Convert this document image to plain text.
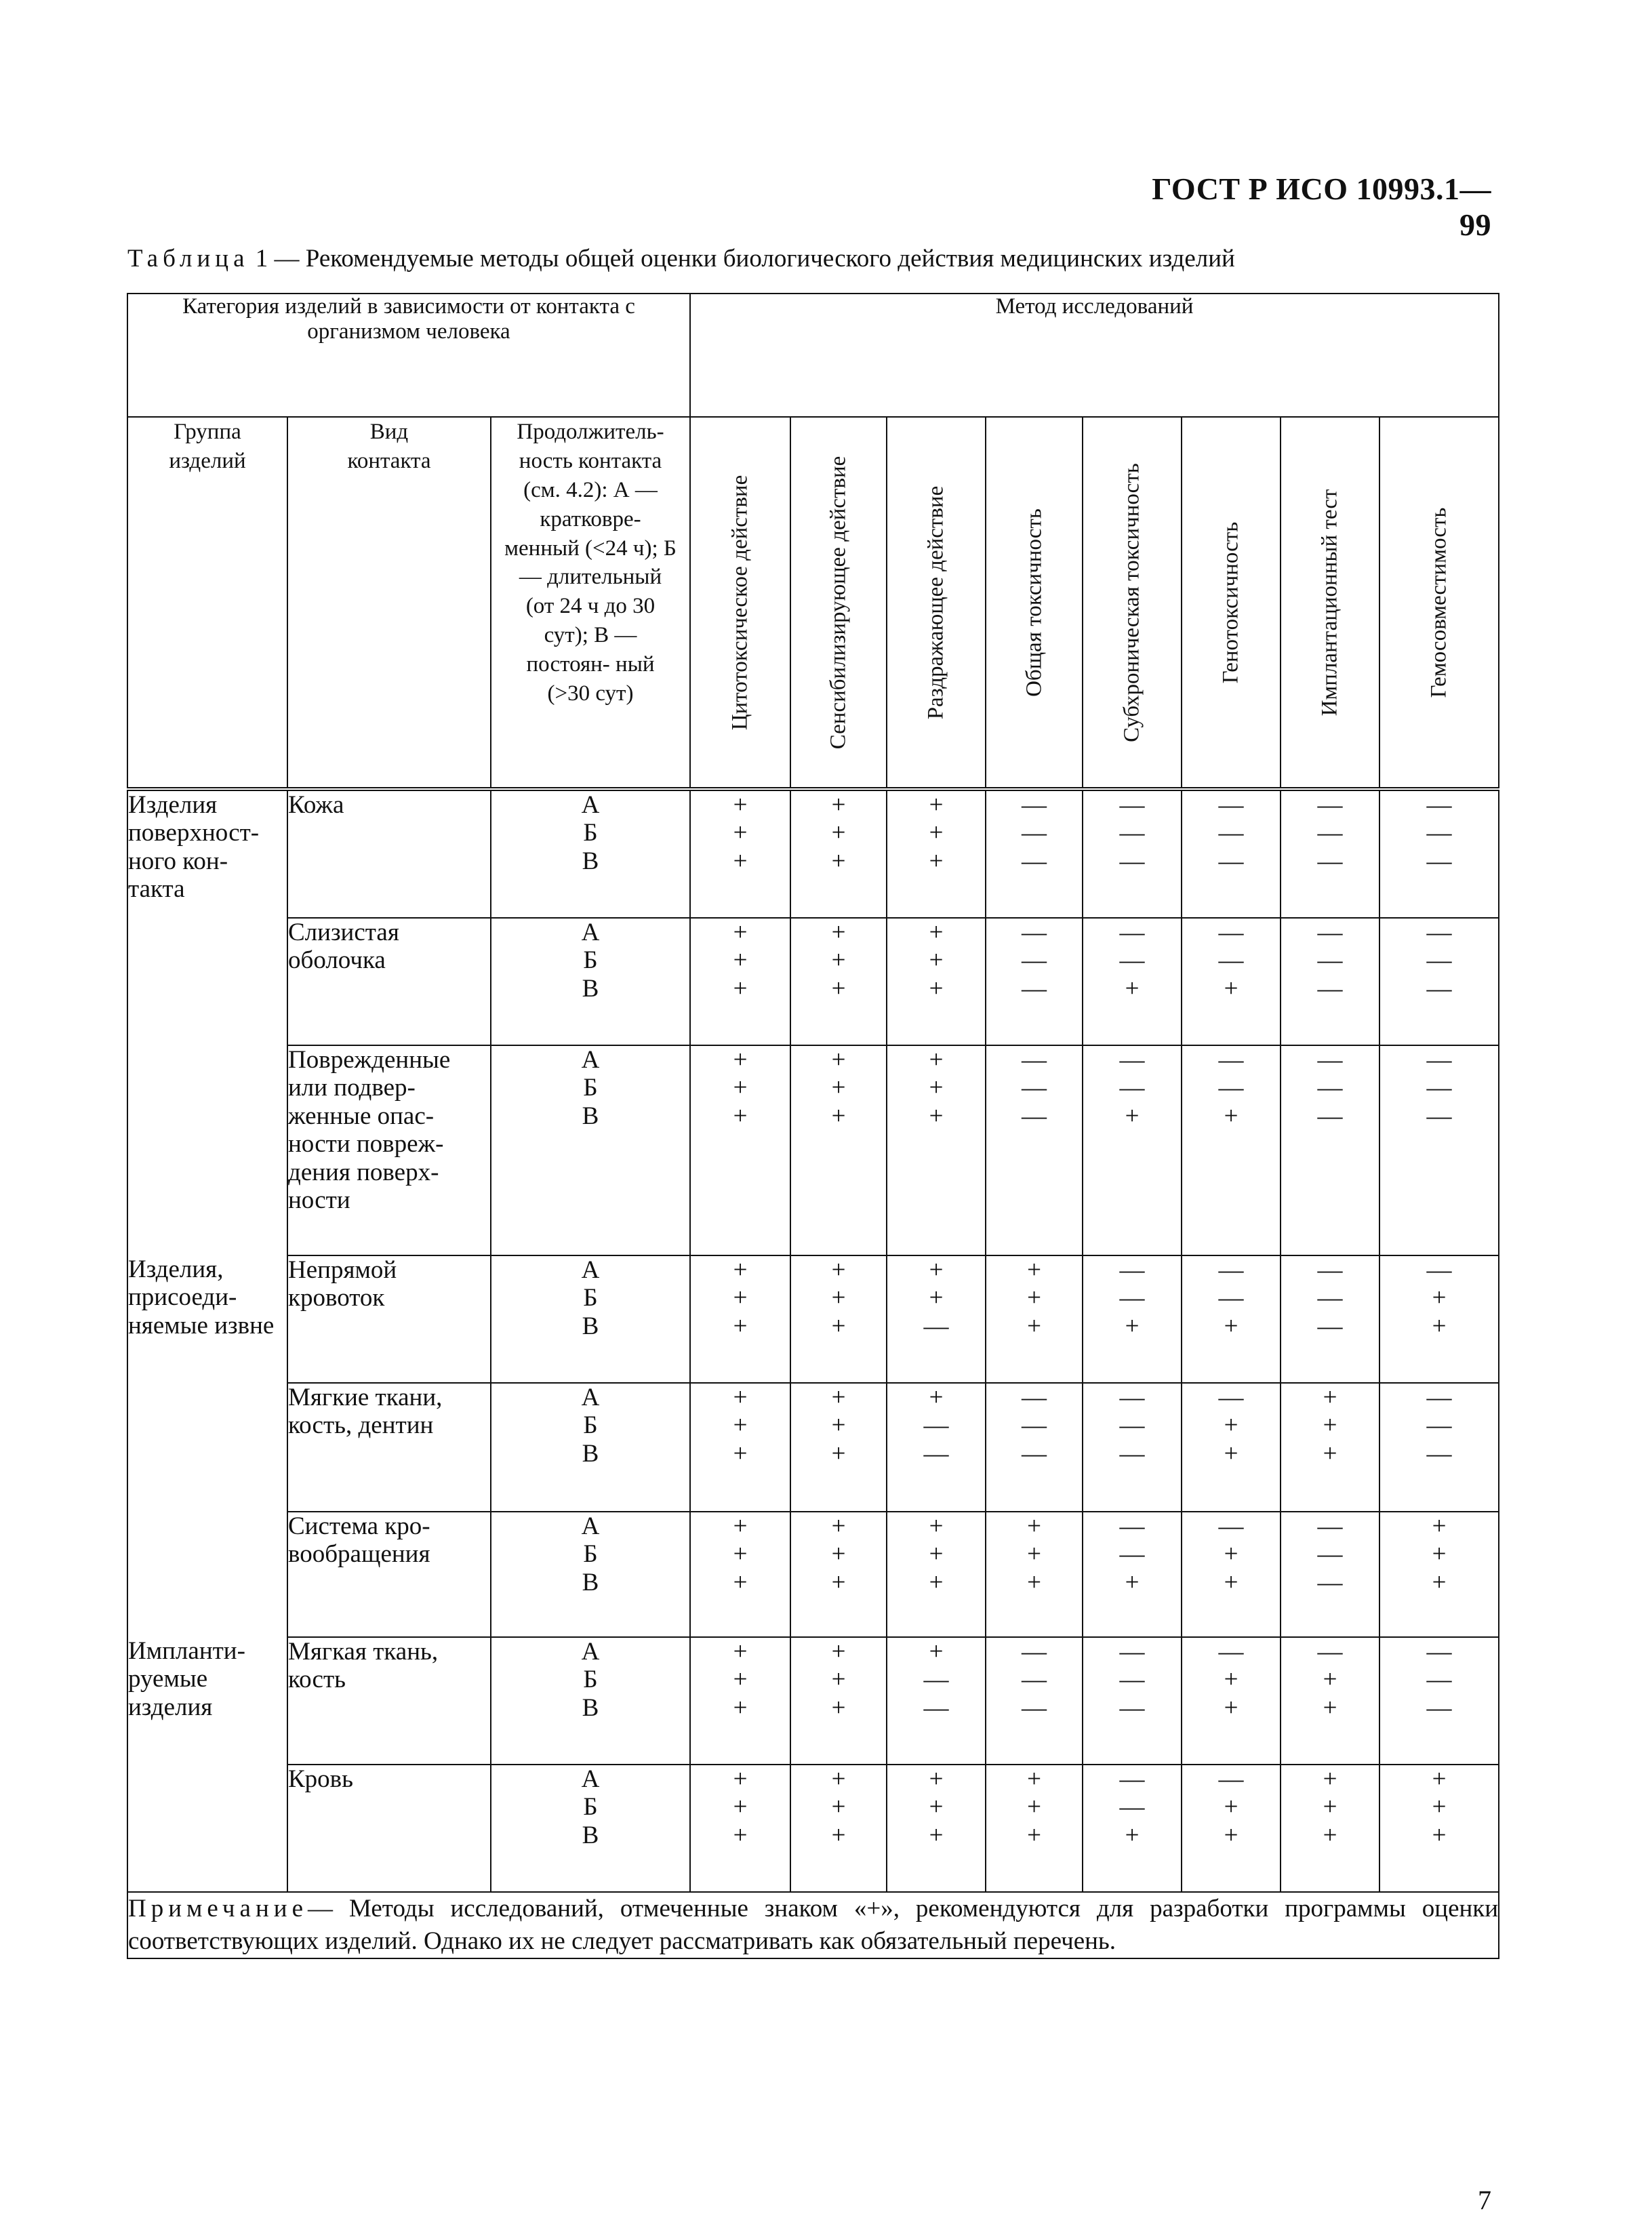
ГОСТ Р ИСО 10993.1—99
Таблица 1 — Рекомендуемые методы общей оценки биологического действия медицинских изделий
Категория изделий в зависимости от контакта с организмом человека			Метод исследований							

Группа изделий	Вид контакта	Продолжитель- ность контакта (см. 4.2): А — кратковре- менный (<24 ч); Б — длительный (от 24 ч до 30 сут); В — постоян- ный (>30 сут)	Цитотоксическое действие	Сенсибилизирующее действие	Раздражающее действие	Общая токсичность	Субхроническая токсичность	Генотоксичность	Имплантационный тест	Гемосовместимость

Изделия поверхност- ного кон- такта	Кожа	А Б В	+ + +	+ + +	+ + +	— — —	— — —	— — —	— — —	— — —

	Слизистая оболочка	А Б В	+ + +	+ + +	+ + +	— — —	— — +	— — +	— — —	— — —

	Поврежденные или подвер- женные опас- ности повреж- дения поверх- ности	А Б В	+ + +	+ + +	+ + +	— — —	— — +	— — +	— — —	— — —

Изделия, присоеди- няемые извне	Непрямой кровоток	А Б В	+ + +	+ + +	+ + —	+ + +	— — +	— — +	— — —	— + +

	Мягкие ткани, кость, дентин	А Б В	+ + +	+ + +	+ — —	— — —	— — —	— + +	+ + +	— — —

	Система кро- вообращения	А Б В	+ + +	+ + +	+ + +	+ + +	— — +	— + +	— — —	+ + +

Импланти- руемые изделия	Мягкая ткань, кость	А Б В	+ + +	+ + +	+ — —	— — —	— — —	— + +	— + +	— — —

	Кровь	А Б В	+ + +	+ + +	+ + +	+ + +	— — +	— + +	+ + +	+ + +

Примечание— Методы исследований, отмеченные знаком «+», рекомендуются для разработки программы оценки соответствующих изделий. Однако их не следует рассматривать как обязательный перечень.										
7
